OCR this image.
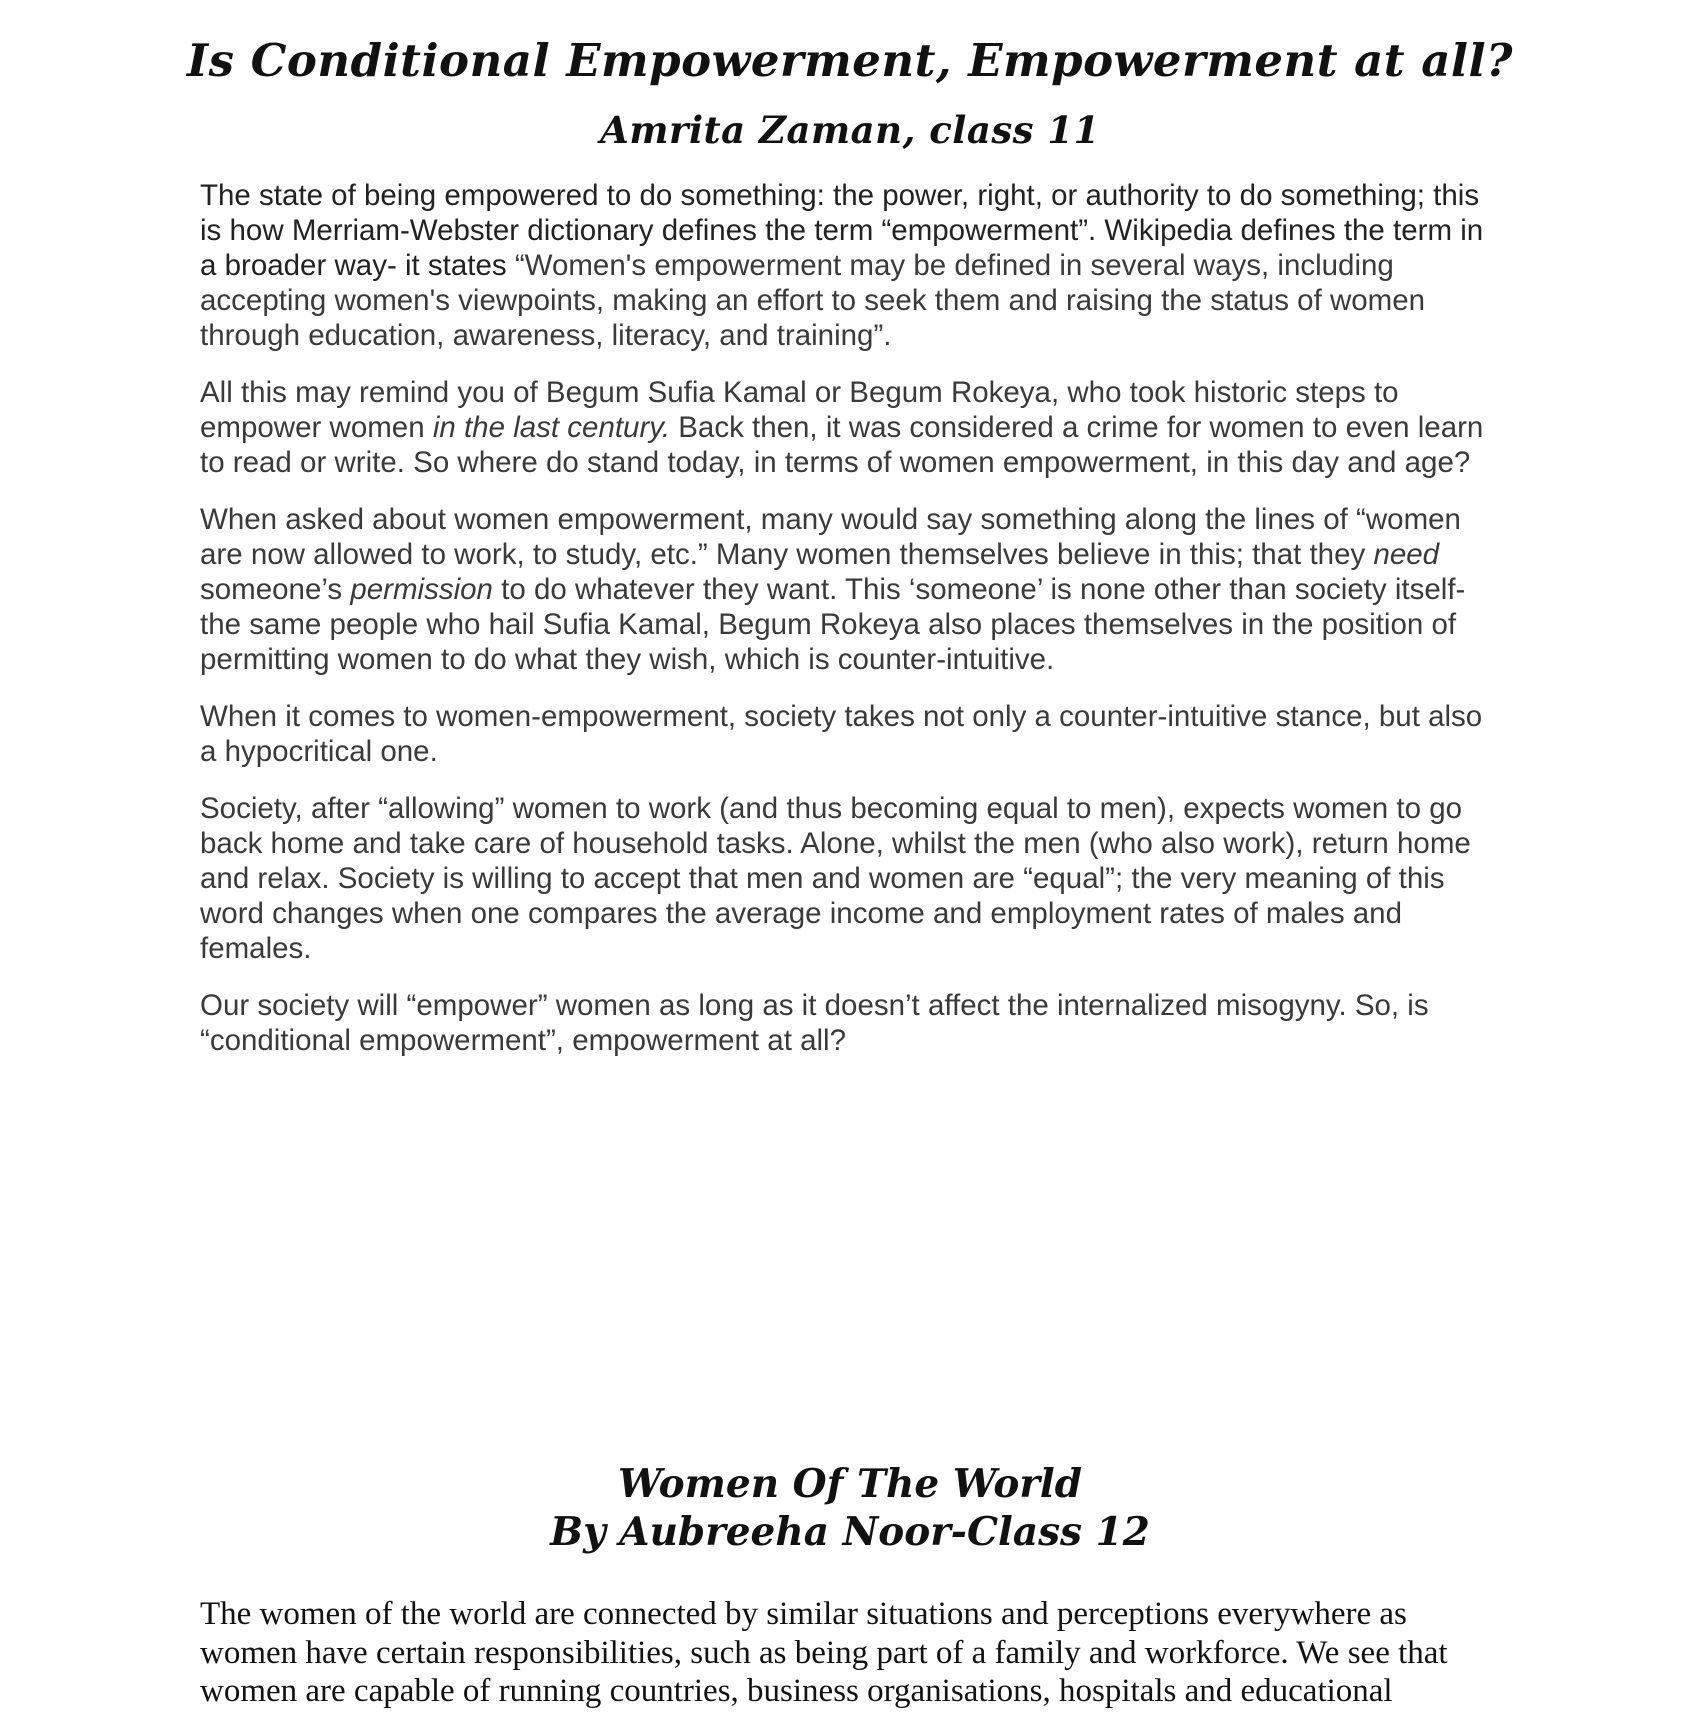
Is Conditional Empowerment, Empowerment at all?
Amrita Zaman, class 11

The state of being empowered to do something: the power, right, or authority to do something; this is how Merriam-Webster dictionary defines the term “empowerment”. Wikipedia defines the term in a broader way- it states “Women's empowerment may be defined in several ways, including accepting women's viewpoints, making an effort to seek them and raising the status of women through education, awareness, literacy, and training”.

All this may remind you of Begum Sufia Kamal or Begum Rokeya, who took historic steps to empower women in the last century. Back then, it was considered a crime for women to even learn to read or write. So where do stand today, in terms of women empowerment, in this day and age?

When asked about women empowerment, many would say something along the lines of “women are now allowed to work, to study, etc.” Many women themselves believe in this; that they need someone’s permission to do whatever they want. This ‘someone’ is none other than society itself- the same people who hail Sufia Kamal, Begum Rokeya also places themselves in the position of permitting women to do what they wish, which is counter-intuitive.

When it comes to women-empowerment, society takes not only a counter-intuitive stance, but also a hypocritical one.

Society, after “allowing” women to work (and thus becoming equal to men), expects women to go back home and take care of household tasks. Alone, whilst the men (who also work), return home and relax. Society is willing to accept that men and women are “equal”; the very meaning of this word changes when one compares the average income and employment rates of males and females.

Our society will “empower” women as long as it doesn’t affect the internalized misogyny. So, is “conditional empowerment”, empowerment at all?

Women Of The World
By Aubreeha Noor-Class 12

The women of the world are connected by similar situations and perceptions everywhere as women have certain responsibilities, such as being part of a family and workforce. We see that women are capable of running countries, business organisations, hospitals and educational
